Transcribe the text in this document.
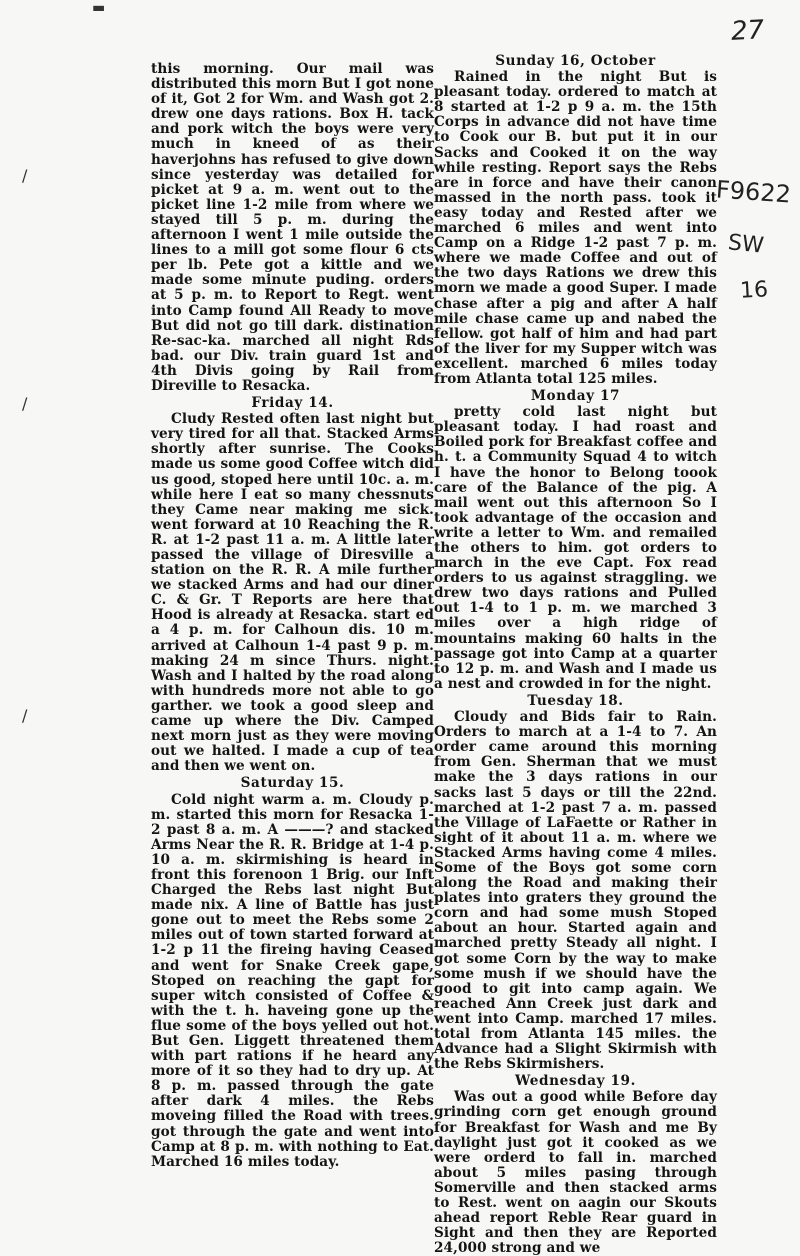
27
F9622
SW
16
▬
/
/
/

this morning. Our mail was distributed this morn But I got none of it, Got 2 for Wm. and Wash got 2. drew one days rations. Box H. tack and pork witch the boys were very much in kneed of as their haverjohns has refused to give down since yesterday was detailed for picket at 9 a. m. went out to the picket line 1-2 mile from where we stayed till 5 p. m. during the afternoon I went 1 mile outside the lines to a mill got some flour 6 cts per lb. Pete got a kittle and we made some minute puding. orders at 5 p. m. to Report to Regt. went into Camp found All Ready to move But did not go till dark. distination Re-sac-ka. marched all night Rds bad. our Div. train guard 1st and 4th Divis going by Rail from Direville to Resacka.

Friday 14.

Cludy Rested often last night but very tired for all that. Stacked Arms shortly after sunrise. The Cooks made us some good Coffee witch did us good, stoped here until 10c. a. m. while here I eat so many chessnuts they Came near making me sick. went forward at 10 Reaching the R. R. at 1-2 past 11 a. m. A little later passed the village of Diresville a station on the R. R. A mile further we stacked Arms and had our diner C. & Gr. T Reports are here that Hood is already at Resacka. start ed a 4 p. m. for Calhoun dis. 10 m. arrived at Calhoun 1-4 past 9 p. m. making 24 m since Thurs. night. Wash and I halted by the road along with hundreds more not able to go garther. we took a good sleep and came up where the Div. Camped next morn just as they were moving out we halted. I made a cup of tea and then we went on.

Saturday 15.

Cold night warm a. m. Cloudy p. m. started this morn for Resacka 1-2 past 8 a. m. A ———? and stacked Arms Near the R. R. Bridge at 1-4 p. 10 a. m. skirmishing is heard in front this forenoon 1 Brig. our Inft Charged the Rebs last night But made nix. A line of Battle has just gone out to meet the Rebs some 2 miles out of town started forward at 1-2 p 11 the fireing having Ceased and went for Snake Creek gape, Stoped on reaching the gapt for super witch consisted of Coffee & with the t. h. haveing gone up the flue some of the boys yelled out hot. But Gen. Liggett threatened them with part rations if he heard any more of it so they had to dry up. At 8 p. m. passed through the gate after dark 4 miles. the Rebs moveing filled the Road with trees. got through the gate and went into Camp at 8 p. m. with nothing to Eat. Marched 16 miles today.

Sunday 16, October

Rained in the night But is pleasant today. ordered to match at 8 started at 1-2 p 9 a. m. the 15th Corps in advance did not have time to Cook our B. but put it in our Sacks and Cooked it on the way while resting. Report says the Rebs are in force and have their canon massed in the north pass. took it easy today and Rested after we marched 6 miles and went into Camp on a Ridge 1-2 past 7 p. m. where we made Coffee and out of the two days Rations we drew this morn we made a good Super. I made chase after a pig and after A half mile chase came up and nabed the fellow. got half of him and had part of the liver for my Supper witch was excellent. marched 6 miles today from Atlanta total 125 miles.

Monday 17

pretty cold last night but pleasant today. I had roast and Boiled pork for Breakfast coffee and h. t. a Community Squad 4 to witch I have the honor to Belong toook care of the Balance of the pig. A mail went out this afternoon So I took advantage of the occasion and write a letter to Wm. and remailed the others to him. got orders to march in the eve Capt. Fox read orders to us against straggling. we drew two days rations and Pulled out 1-4 to 1 p. m. we marched 3 miles over a high ridge of mountains making 60 halts in the passage got into Camp at a quarter to 12 p. m. and Wash and I made us a nest and crowded in for the night.

Tuesday 18.

Cloudy and Bids fair to Rain. Orders to march at a 1-4 to 7. An order came around this morning from Gen. Sherman that we must make the 3 days rations in our sacks last 5 days or till the 22nd. marched at 1-2 past 7 a. m. passed the Village of LaFaette or Rather in sight of it about 11 a. m. where we Stacked Arms having come 4 miles. Some of the Boys got some corn along the Road and making their plates into graters they ground the corn and had some mush Stoped about an hour. Started again and marched pretty Steady all night. I got some Corn by the way to make some mush if we should have the good to git into camp again. We reached Ann Creek just dark and went into Camp. marched 17 miles. total from Atlanta 145 miles. the Advance had a Slight Skirmish with the Rebs Skirmishers.

Wednesday 19.

Was out a good while Before day grinding corn get enough ground for Breakfast for Wash and me By daylight just got it cooked as we were orderd to fall in. marched about 5 miles pasing through Somerville and then stacked arms to Rest. went on aagin our Skouts ahead report Reble Rear guard in Sight and then they are Reported 24,000 strong and we
